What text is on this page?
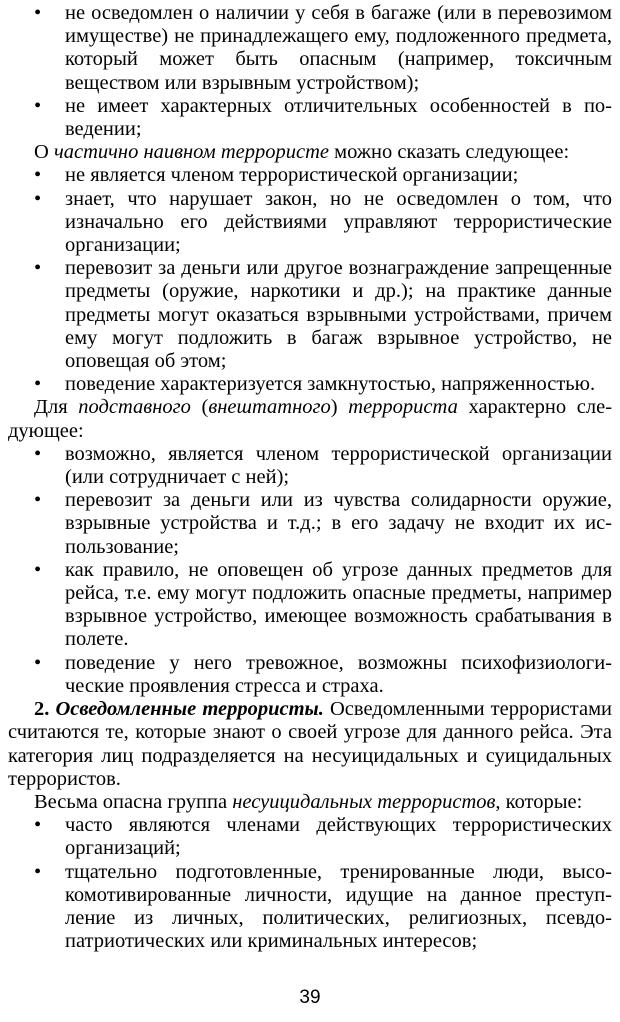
• не осведомлен о наличии у себя в багаже (или в перевозимом имуществе) не принадлежащего ему, подложенного предмета, который может быть опасным (например, токсичным веществом или взрывным устройством);
• не имеет характерных отличительных особенностей в поведении;
О частично наивном террористе можно сказать следующее:
• не является членом террористической организации;
• знает, что нарушает закон, но не осведомлен о том, что изначально его действиями управляют террористические организации;
• перевозит за деньги или другое вознаграждение запрещенные предметы (оружие, наркотики и др.); на практике данные предметы могут оказаться взрывными устройствами, причем ему могут подложить в багаж взрывное устройство, не оповещая об этом;
• поведение характеризуется замкнутостью, напряженностью.
Для подставного (внештатного) террориста характерно следующее:
• возможно, является членом террористической организации (или сотрудничает с ней);
• перевозит за деньги или из чувства солидарности оружие, взрывные устройства и т.д.; в его задачу не входит их использование;
• как правило, не оповещен об угрозе данных предметов для рейса, т.е. ему могут подложить опасные предметы, например взрывное устройство, имеющее возможность срабатывания в полете.
• поведение у него тревожное, возможны психофизиологические проявления стресса и страха.
2. Осведомленные террористы. Осведомленными террористами считаются те, которые знают о своей угрозе для данного рейса. Эта категория лиц подразделяется на несуицидальных и суицидальных террористов.
Весьма опасна группа несуицидальных террористов, которые:
• часто являются членами действующих террористических организаций;
• тщательно подготовленные, тренированные люди, высокомотивированные личности, идущие на данное преступление из личных, политических, религиозных, псевдопатриотических или криминальных интересов;
39
